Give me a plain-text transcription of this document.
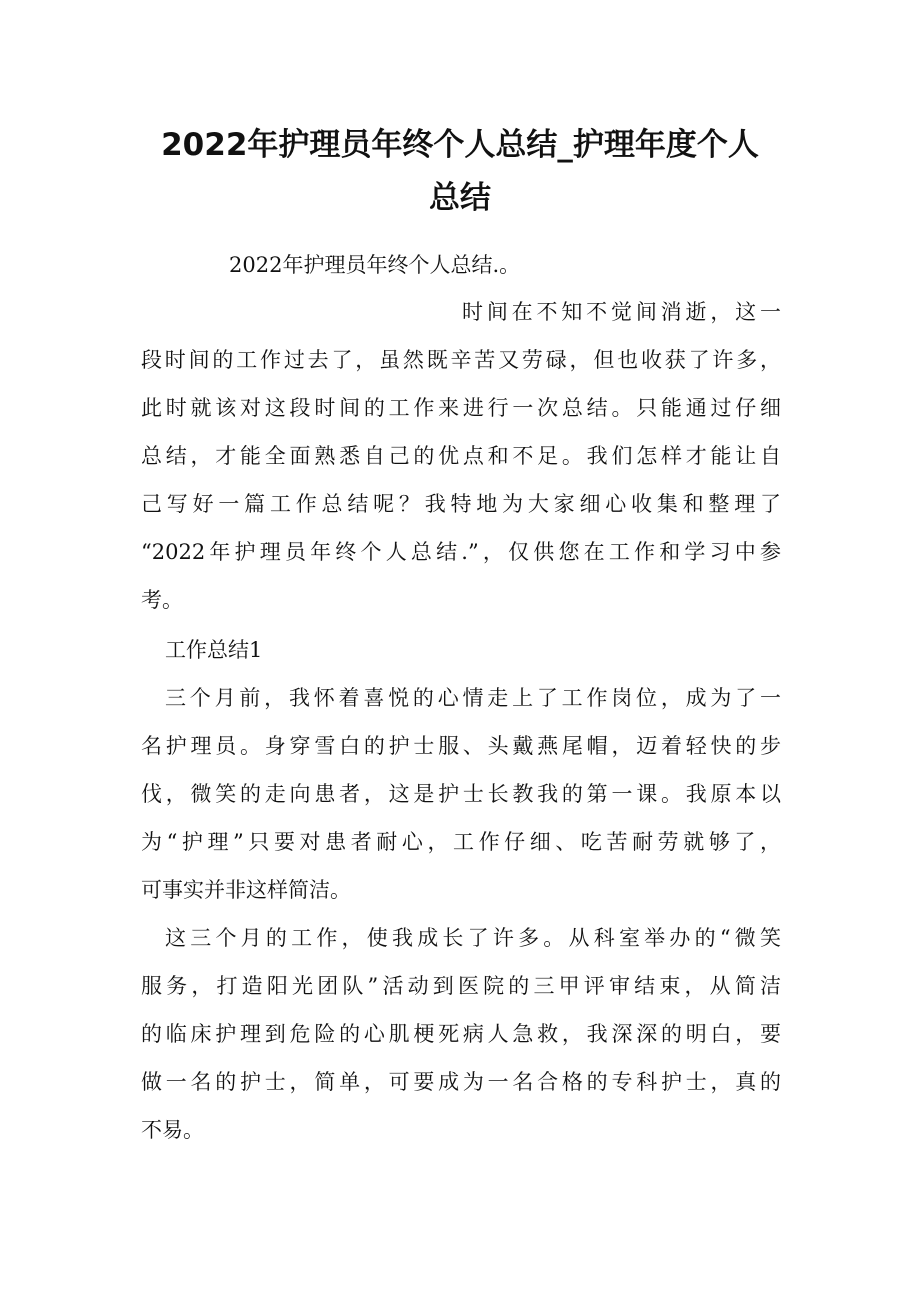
2022年护理员年终个人总结_护理年度个人
总结
2022年护理员年终个人总结.。
时间在不知不觉间消逝，这一
段时间的工作过去了，虽然既辛苦又劳碌，但也收获了许多，
此时就该对这段时间的工作来进行一次总结。只能通过仔细
总结，才能全面熟悉自己的优点和不足。我们怎样才能让自
己写好一篇工作总结呢？我特地为大家细心收集和整理了
“2022年护理员年终个人总结.”，仅供您在工作和学习中参
考。
工作总结1
三个月前，我怀着喜悦的心情走上了工作岗位，成为了一
名护理员。身穿雪白的护士服、头戴燕尾帽，迈着轻快的步
伐，微笑的走向患者，这是护士长教我的第一课。我原本以
为“护理”只要对患者耐心，工作仔细、吃苦耐劳就够了，
可事实并非这样简洁。
这三个月的工作，使我成长了许多。从科室举办的“微笑
服务，打造阳光团队”活动到医院的三甲评审结束，从简洁
的临床护理到危险的心肌梗死病人急救，我深深的明白，要
做一名的护士，简单，可要成为一名合格的专科护士，真的
不易。
